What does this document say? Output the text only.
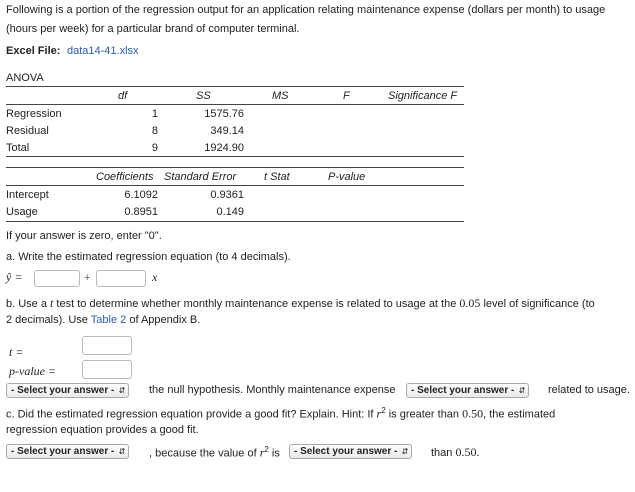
Following is a portion of the regression output for an application relating maintenance expense (dollars per month) to usage
(hours per week) for a particular brand of computer terminal.
Excel File: data14-41.xlsx
ANOVA
df	SS	MS	F	Significance F
Regression	1	1575.76
Residual	8	349.14
Total	9	1924.90
Coefficients Standard Error	t Stat	P-value
Intercept	6.1092	0.9361
Usage	0.8951	0.149
If your answer is zero, enter "0".
a. Write the estimated regression equation (to 4 decimals).
ŷ =	+	x
b. Use a t test to determine whether monthly maintenance expense is related to usage at the 0.05 level of significance (to
2 decimals). Use Table 2 of Appendix B.
t =
p-value =
- Select your answer - ⇵ the null hypothesis. Monthly maintenance expense	- Select your answer - ⇵ related to usage.
c. Did the estimated regression equation provide a good fit? Explain. Hint: If $r^2$ is greater than 0.50, the estimated
regression equation provides a good fit.
- Select your answer - ⇵ , because the value of $r^2$ is	- Select your answer - ⇵ than 0.50.
